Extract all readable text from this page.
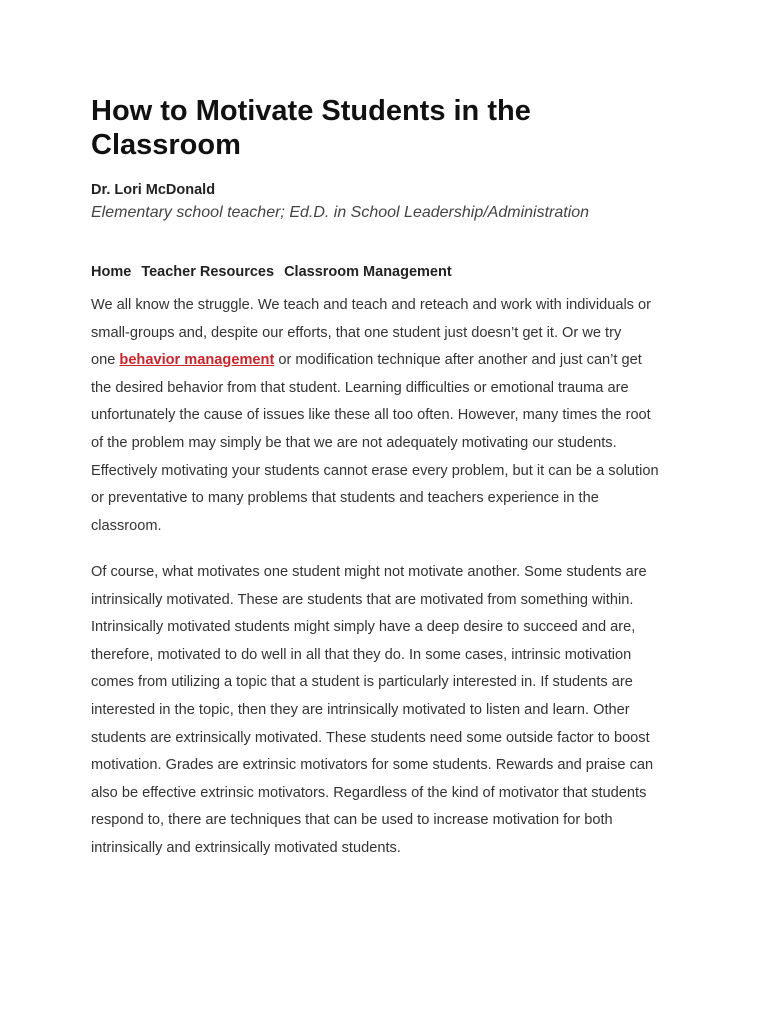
How to Motivate Students in the
Classroom
Dr. Lori McDonald
Elementary school teacher; Ed.D. in School Leadership/Administration
Home Teacher Resources Classroom Management
We all know the struggle. We teach and teach and reteach and work with individuals or
small-groups and, despite our efforts, that one student just doesn’t get it. Or we try
one behavior management or modification technique after another and just can’t get
the desired behavior from that student. Learning difficulties or emotional trauma are
unfortunately the cause of issues like these all too often. However, many times the root
of the problem may simply be that we are not adequately motivating our students.
Effectively motivating your students cannot erase every problem, but it can be a solution
or preventative to many problems that students and teachers experience in the
classroom.
Of course, what motivates one student might not motivate another. Some students are
intrinsically motivated. These are students that are motivated from something within.
Intrinsically motivated students might simply have a deep desire to succeed and are,
therefore, motivated to do well in all that they do. In some cases, intrinsic motivation
comes from utilizing a topic that a student is particularly interested in. If students are
interested in the topic, then they are intrinsically motivated to listen and learn. Other
students are extrinsically motivated. These students need some outside factor to boost
motivation. Grades are extrinsic motivators for some students. Rewards and praise can
also be effective extrinsic motivators. Regardless of the kind of motivator that students
respond to, there are techniques that can be used to increase motivation for both
intrinsically and extrinsically motivated students.
